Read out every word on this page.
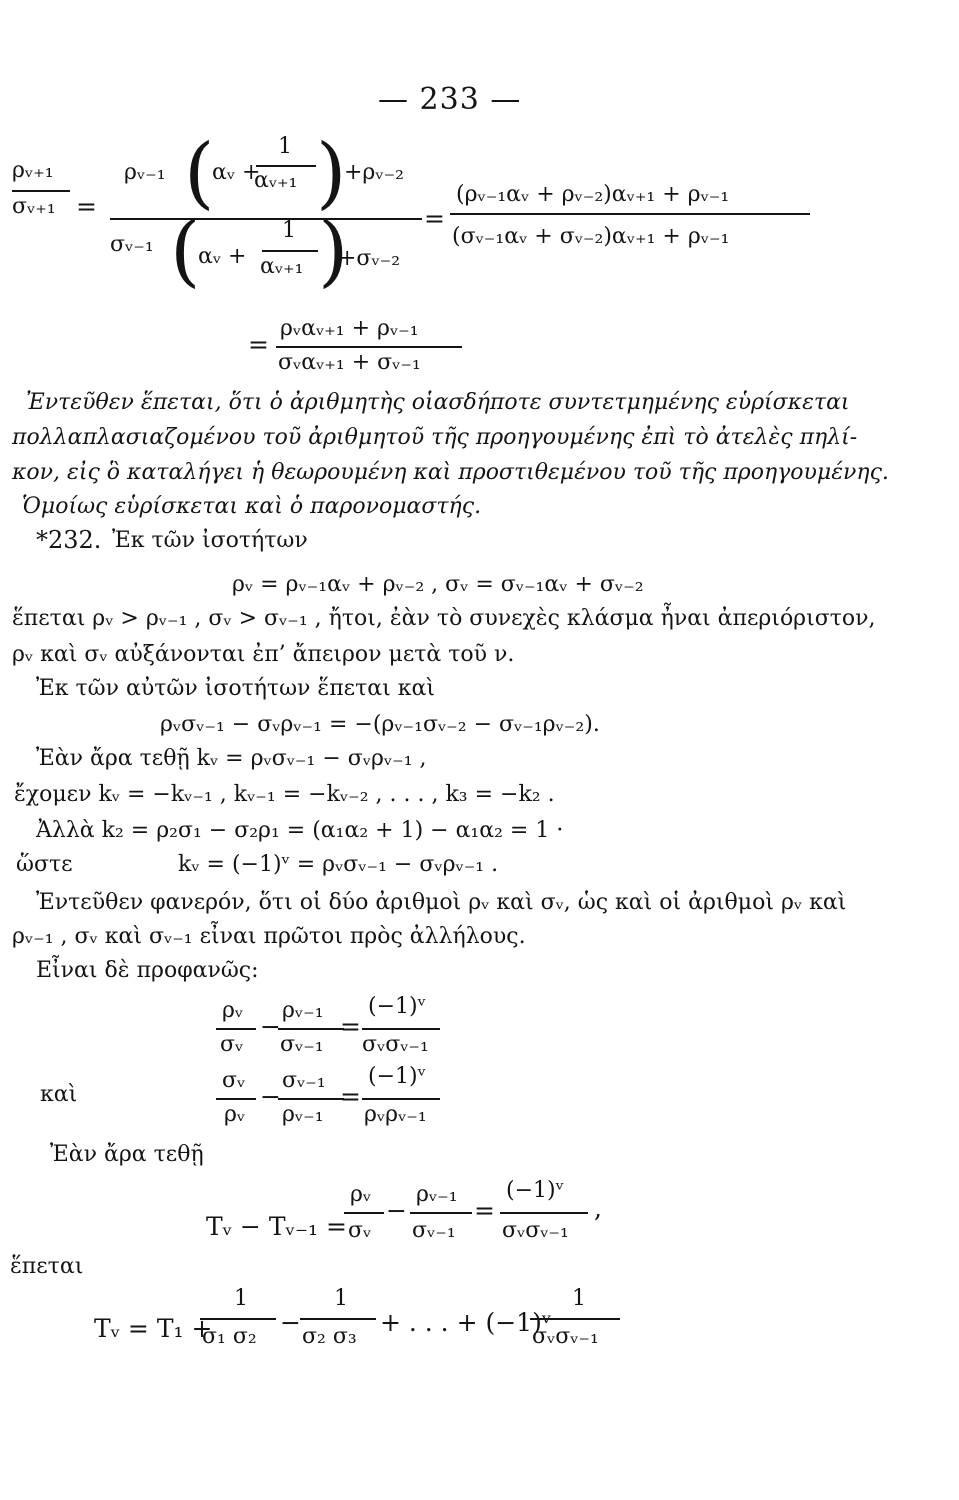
— 233 —
ρᵥ₊₁
σᵥ₊₁ =
ρᵥ₋₁ (
αᵥ +
1
αᵥ₊₁ )
+ρᵥ₋₂
σᵥ₋₁ (
αᵥ +
1
αᵥ₊₁ )
+σᵥ₋₂
=
(ρᵥ₋₁αᵥ + ρᵥ₋₂)αᵥ₊₁ + ρᵥ₋₁
(σᵥ₋₁αᵥ + σᵥ₋₂)αᵥ₊₁ + ρᵥ₋₁
=
ρᵥαᵥ₊₁ + ρᵥ₋₁
σᵥαᵥ₊₁ + σᵥ₋₁
Ἐντεῦθεν ἕπεται, ὅτι ὁ ἀριθμητὴς οἱασδήποτε συντετμημένης εὑρίσκεται
πολλαπλασιαζομένου τοῦ ἀριθμητοῦ τῆς προηγουμένης ἐπὶ τὸ ἀτελὲς πηλί-
κον, εἰς ὃ καταλήγει ἡ θεωρουμένη καὶ προστιθεμένου τοῦ τῆς προηγουμένης.
Ὁμοίως εὑρίσκεται καὶ ὁ παρονομαστής.
*232. Ἐκ τῶν ἰσοτήτων
ρᵥ = ρᵥ₋₁αᵥ + ρᵥ₋₂ , σᵥ = σᵥ₋₁αᵥ + σᵥ₋₂
ἕπεται ρᵥ > ρᵥ₋₁ , σᵥ > σᵥ₋₁ , ἤτοι, ἐὰν τὸ συνεχὲς κλάσμα ἦναι ἀπεριόριστον,
ρᵥ καὶ σᵥ αὐξάνονται ἐπ’ ἄπειρον μετὰ τοῦ ν.
Ἐκ τῶν αὐτῶν ἰσοτήτων ἕπεται καὶ
ρᵥσᵥ₋₁ − σᵥρᵥ₋₁ = −(ρᵥ₋₁σᵥ₋₂ − σᵥ₋₁ρᵥ₋₂).
Ἐὰν ἄρα τεθῇ kᵥ = ρᵥσᵥ₋₁ − σᵥρᵥ₋₁ ,
ἔχομεν kᵥ = −kᵥ₋₁ , kᵥ₋₁ = −kᵥ₋₂ , . . . , k₃ = −k₂ .
Ἀλλὰ k₂ = ρ₂σ₁ − σ₂ρ₁ = (α₁α₂ + 1) − α₁α₂ = 1 ·
ὥστε	kᵥ = (−1)ᵛ = ρᵥσᵥ₋₁ − σᵥρᵥ₋₁ .
Ἐντεῦθεν φανερόν, ὅτι οἱ δύο ἀριθμοὶ ρᵥ καὶ σᵥ, ὡς καὶ οἱ ἀριθμοὶ ρᵥ καὶ
ρᵥ₋₁ , σᵥ καὶ σᵥ₋₁ εἶναι πρῶτοι πρὸς ἀλλήλους.
Εἶναι δὲ προφανῶς:
ρᵥ
σᵥ
−
ρᵥ₋₁
σᵥ₋₁
=
(−1)ᵛ
σᵥσᵥ₋₁
καὶ
σᵥ
ρᵥ
−
σᵥ₋₁
ρᵥ₋₁
=
(−1)ᵛ
ρᵥρᵥ₋₁
Ἐὰν ἄρα τεθῇ
Tᵥ − Tᵥ₋₁ =
ρᵥ
σᵥ
−
ρᵥ₋₁
σᵥ₋₁
=
(−1)ᵛ
σᵥσᵥ₋₁
,
ἕπεται
Tᵥ = T₁ +
1
σ₁ σ₂ −
1
σ₂ σ₃ + . . . + (−1)ᵛ
1
σᵥσᵥ₋₁
